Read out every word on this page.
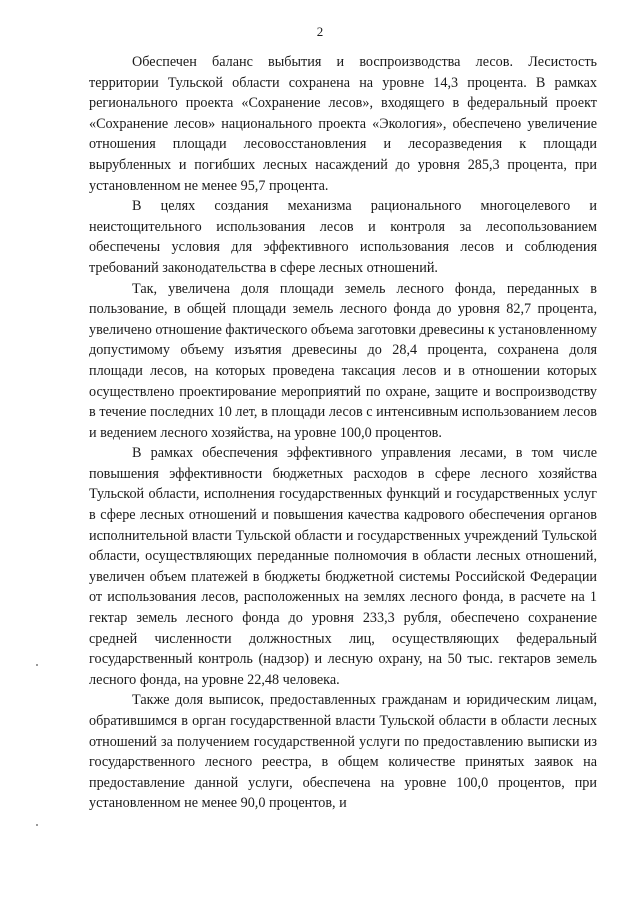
2

Обеспечен баланс выбытия и воспроизводства лесов. Лесистость территории Тульской области сохранена на уровне 14,3 процента. В рамках регионального проекта «Сохранение лесов», входящего в федеральный проект «Сохранение лесов» национального проекта «Экология», обеспечено увеличение отношения площади лесовосстановления и лесоразведения к площади вырубленных и погибших лесных насаждений до уровня 285,3 процента, при установленном не менее 95,7 процента.

В целях создания механизма рационального многоцелевого и неистощительного использования лесов и контроля за лесопользованием обеспечены условия для эффективного использования лесов и соблюдения требований законодательства в сфере лесных отношений.

Так, увеличена доля площади земель лесного фонда, переданных в пользование, в общей площади земель лесного фонда до уровня 82,7 процента, увеличено отношение фактического объема заготовки древесины к установленному допустимому объему изъятия древесины до 28,4 процента, сохранена доля площади лесов, на которых проведена таксация лесов и в отношении которых осуществлено проектирование мероприятий по охране, защите и воспроизводству в течение последних 10 лет, в площади лесов с интенсивным использованием лесов и ведением лесного хозяйства, на уровне 100,0 процентов.

В рамках обеспечения эффективного управления лесами, в том числе повышения эффективности бюджетных расходов в сфере лесного хозяйства Тульской области, исполнения государственных функций и государственных услуг в сфере лесных отношений и повышения качества кадрового обеспечения органов исполнительной власти Тульской области и государственных учреждений Тульской области, осуществляющих переданные полномочия в области лесных отношений, увеличен объем платежей в бюджеты бюджетной системы Российской Федерации от использования лесов, расположенных на землях лесного фонда, в расчете на 1 гектар земель лесного фонда до уровня 233,3 рубля, обеспечено сохранение средней численности должностных лиц, осуществляющих федеральный государственный контроль (надзор) и лесную охрану, на 50 тыс. гектаров земель лесного фонда, на уровне 22,48 человека.

Также доля выписок, предоставленных гражданам и юридическим лицам, обратившимся в орган государственной власти Тульской области в области лесных отношений за получением государственной услуги по предоставлению выписки из государственного лесного реестра, в общем количестве принятых заявок на предоставление данной услуги, обеспечена на уровне 100,0 процентов, при установленном не менее 90,0 процентов, и
